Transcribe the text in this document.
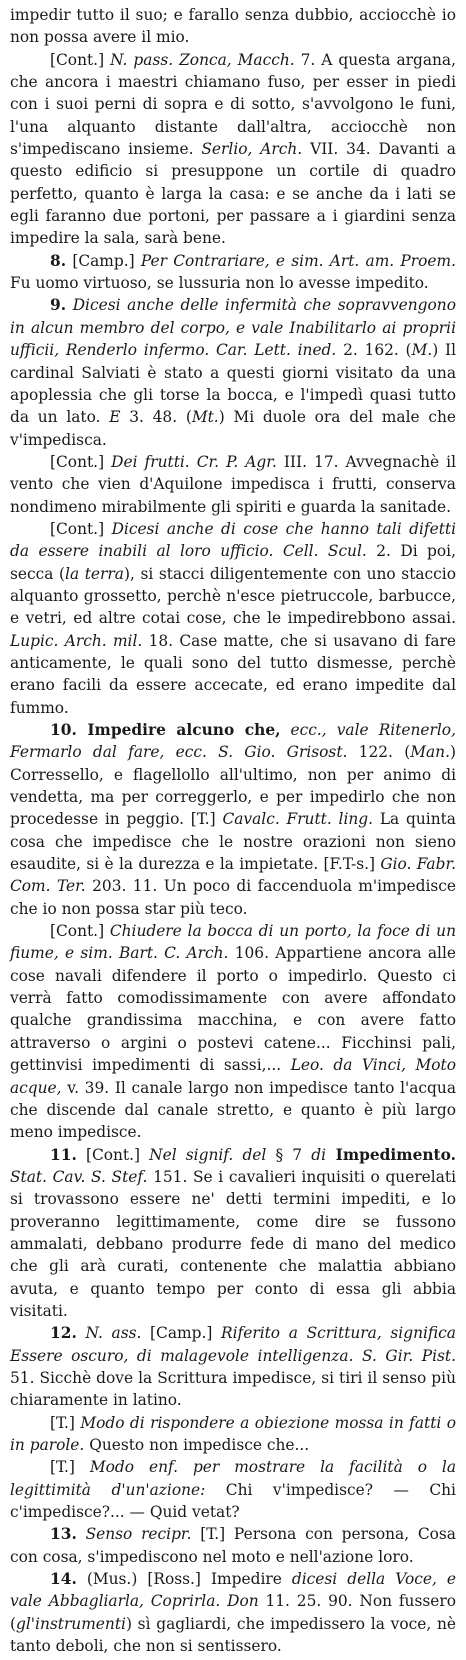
impedir tutto il suo; e farallo senza dubbio, acciocchè io non possa avere il mio.

[Cont.] N. pass. Zonca, Macch. 7. A questa argana, che ancora i maestri chiamano fuso, per esser in piedi con i suoi perni di sopra e di sotto, s'avvolgono le funi, l'una alquanto distante dall'altra, acciocchè non s'impediscano insieme. Serlio, Arch. VII. 34. Davanti a questo edificio si presuppone un cortile di quadro perfetto, quanto è larga la casa: e se anche da i lati se egli faranno due portoni, per passare a i giardini senza impedire la sala, sarà bene.

8. [Camp.] Per Contrariare, e sim. Art. am. Proem. Fu uomo virtuoso, se lussuria non lo avesse impedito.

9. Dicesi anche delle infermità che sopravvengono in alcun membro del corpo, e vale Inabilitarlo ai proprii ufficii, Renderlo infermo. Car. Lett. ined. 2. 162. (M.) Il cardinal Salviati è stato a questi giorni visitato da una apoplessia che gli torse la bocca, e l'impedì quasi tutto da un lato. E 3. 48. (Mt.) Mi duole ora del male che v'impedisca.

[Cont.] Dei frutti. Cr. P. Agr. III. 17. Avvegnachè il vento che vien d'Aquilone impedisca i frutti, conserva nondimeno mirabilmente gli spiriti e guarda la sanitade.

[Cont.] Dicesi anche di cose che hanno tali difetti da essere inabili al loro ufficio. Cell. Scul. 2. Di poi, secca (la terra), si stacci diligentemente con uno staccio alquanto grossetto, perchè n'esce pietruccole, barbucce, e vetri, ed altre cotai cose, che le impedirebbono assai. Lupic. Arch. mil. 18. Case matte, che si usavano di fare anticamente, le quali sono del tutto dismesse, perchè erano facili da essere accecate, ed erano impedite dal fummo.

10. Impedire alcuno che, ecc., vale Ritenerlo, Fermarlo dal fare, ecc. S. Gio. Grisost. 122. (Man.) Corressello, e flagellollo all'ultimo, non per animo di vendetta, ma per correggerlo, e per impedirlo che non procedesse in peggio. [T.] Cavalc. Frutt. ling. La quinta cosa che impedisce che le nostre orazioni non sieno esaudite, si è la durezza e la impietate. [F.T-s.] Gio. Fabr. Com. Ter. 203. 11. Un poco di faccenduola m'impedisce che io non possa star più teco.

[Cont.] Chiudere la bocca di un porto, la foce di un fiume, e sim. Bart. C. Arch. 106. Appartiene ancora alle cose navali difendere il porto o impedirlo. Questo ci verrà fatto comodissimamente con avere affondato qualche grandissima macchina, e con avere fatto attraverso o argini o postevi catene... Ficchinsi pali, gettinvisi impedimenti di sassi,... Leo. da Vinci, Moto acque, v. 39. Il canale largo non impedisce tanto l'acqua che discende dal canale stretto, e quanto è più largo meno impedisce.

11. [Cont.] Nel signif. del § 7 di Impedimento. Stat. Cav. S. Stef. 151. Se i cavalieri inquisiti o querelati si trovassono essere ne' detti termini impediti, e lo proveranno legittimamente, come dire se fussono ammalati, debbano produrre fede di mano del medico che gli arà curati, contenente che malattia abbiano avuta, e quanto tempo per conto di essa gli abbia visitati.

12. N. ass. [Camp.] Riferito a Scrittura, significa Essere oscuro, di malagevole intelligenza. S. Gir. Pist. 51. Sicchè dove la Scrittura impedisce, si tiri il senso più chiaramente in latino.

[T.] Modo di rispondere a obiezione mossa in fatti o in parole. Questo non impedisce che...

[T.] Modo enf. per mostrare la facilità o la legittimità d'un'azione: Chi v'impedisce? — Chi c'impedisce?... — Quid vetat?

13. Senso recipr. [T.] Persona con persona, Cosa con cosa, s'impediscono nel moto e nell'azione loro.

14. (Mus.) [Ross.] Impedire dicesi della Voce, e vale Abbagliarla, Coprirla. Don 11. 25. 90. Non fussero (gl'instrumenti) sì gagliardi, che impedissero la voce, nè tanto deboli, che non si sentissero.
